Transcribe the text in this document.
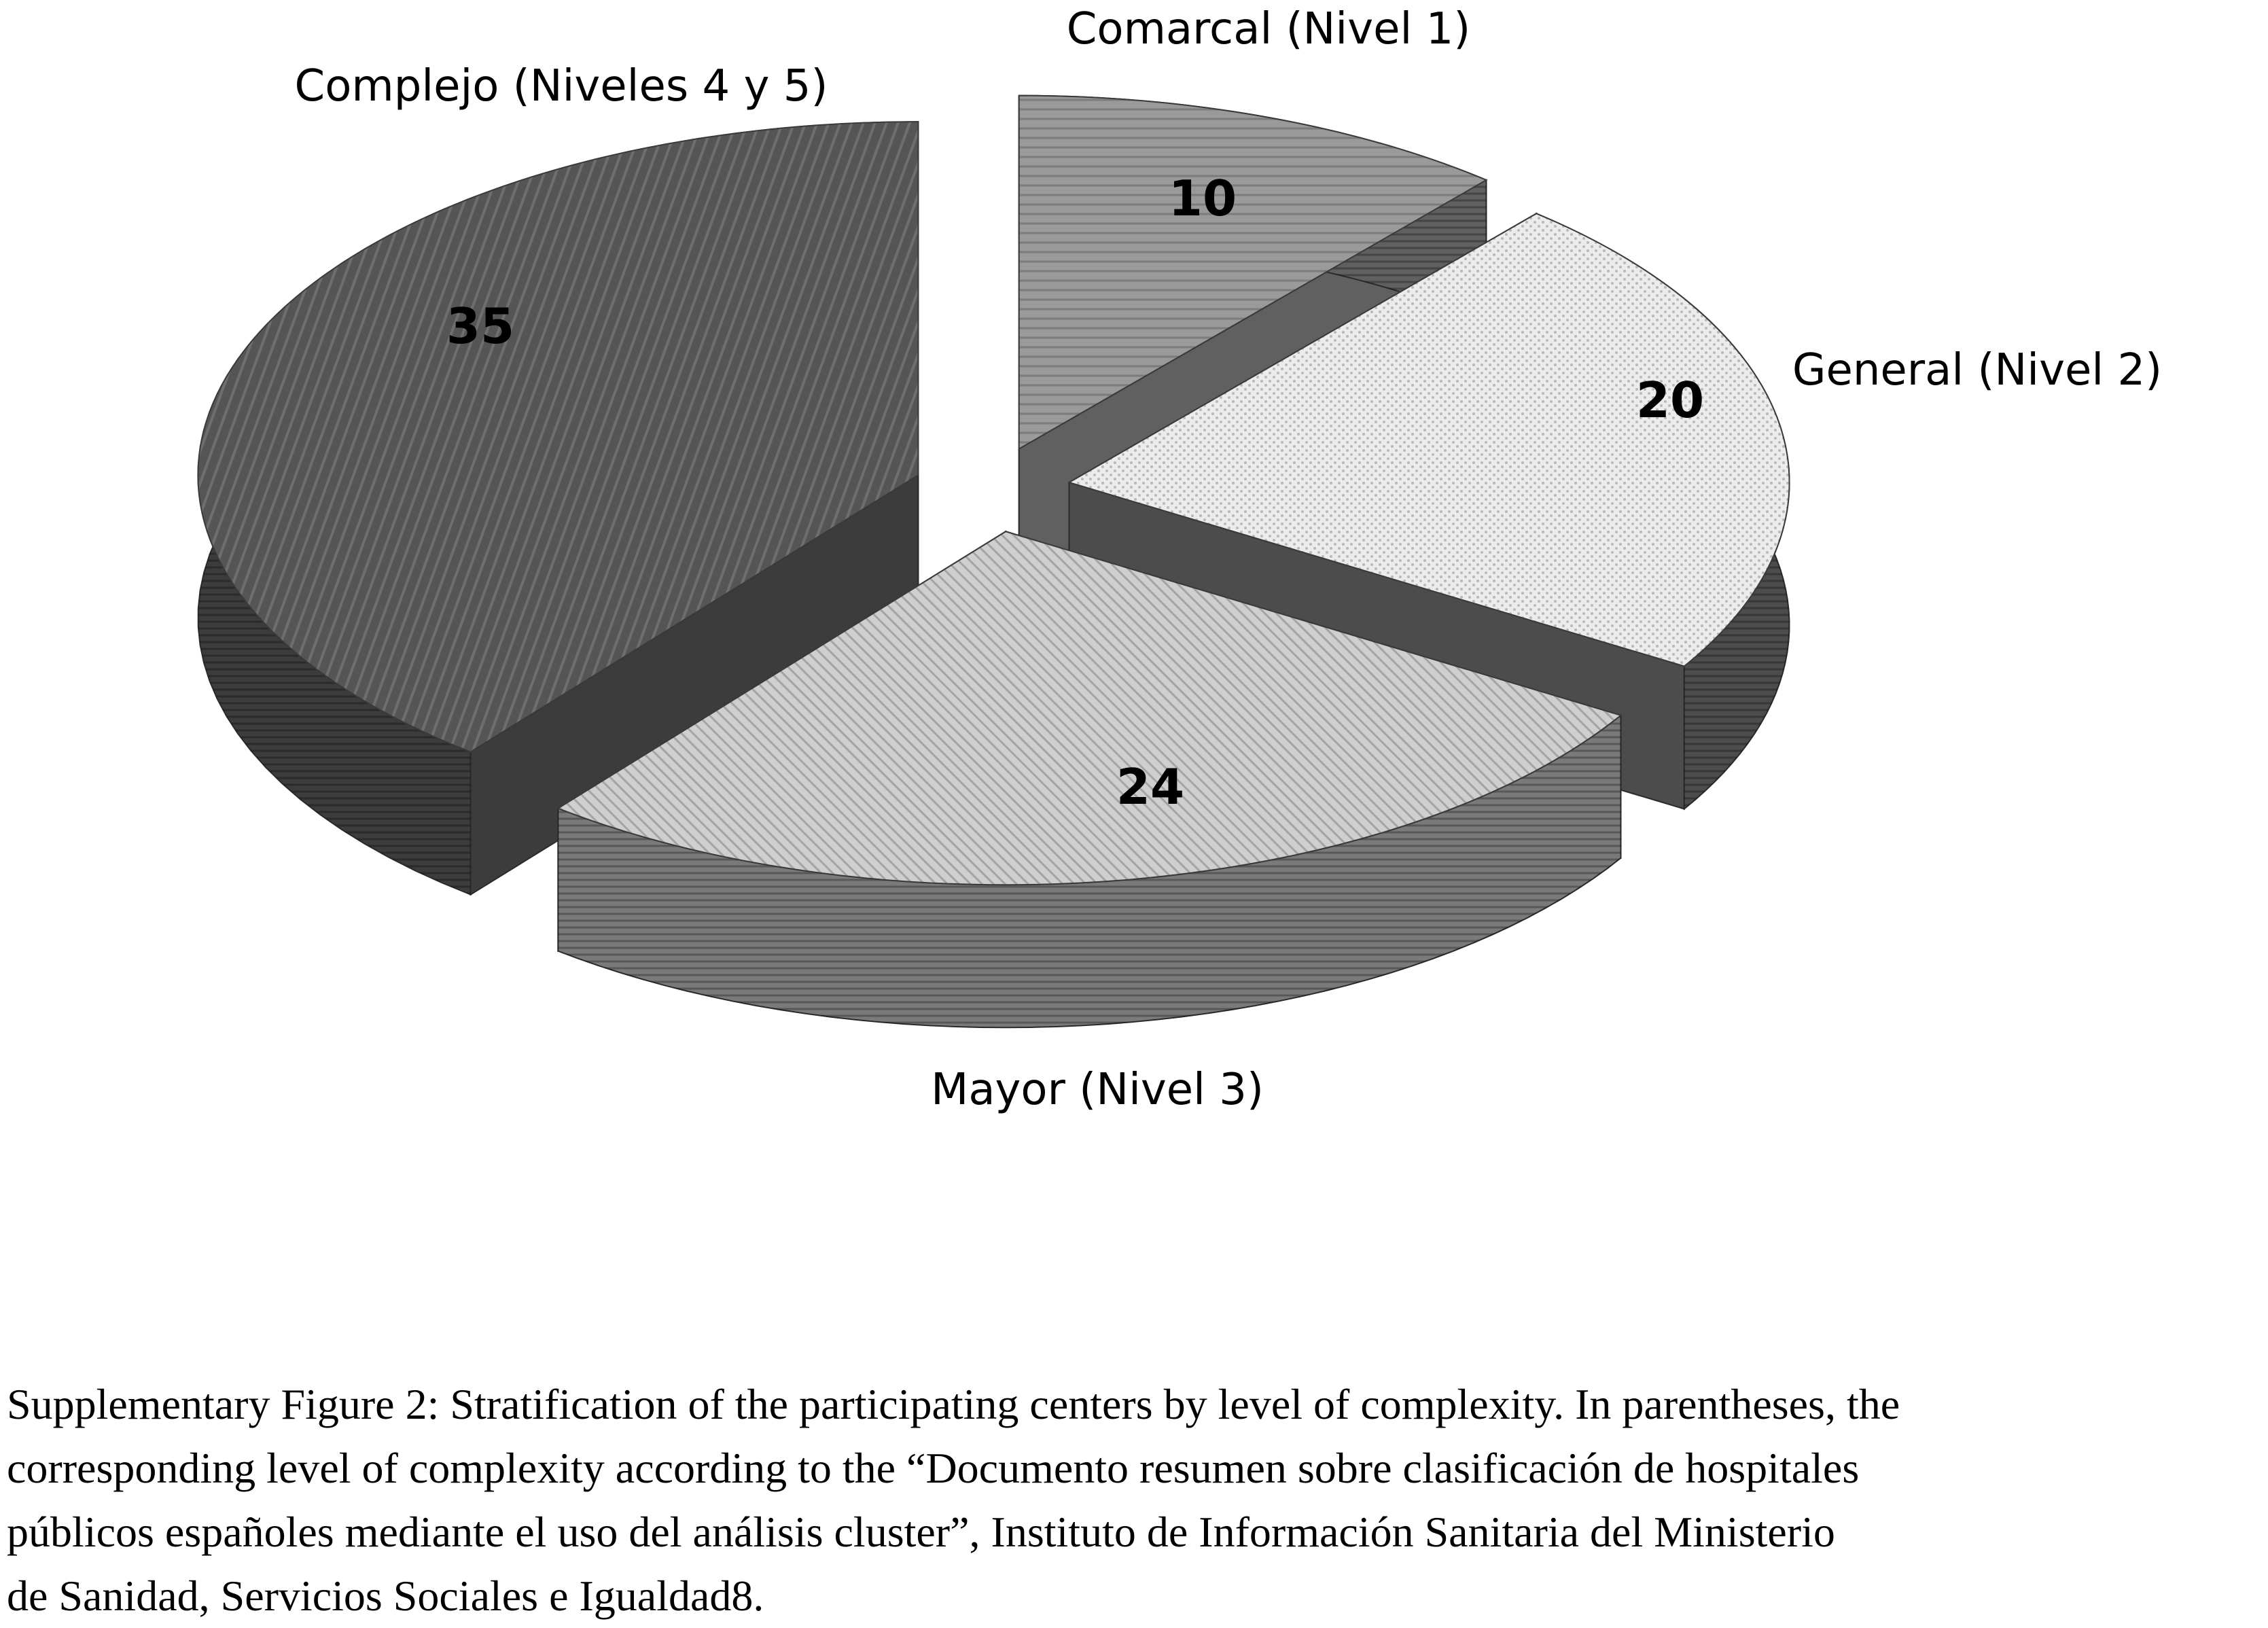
Comarcal (Nivel 1)
General (Nivel 2)
Mayor (Nivel 3)
Complejo (Niveles 4 y 5)
10
20
24
35
Supplementary Figure 2: Stratification of the participating centers by level of complexity. In parentheses, the
corresponding level of complexity according to the “Documento resumen sobre clasificación de hospitales
públicos españoles mediante el uso del análisis cluster”, Instituto de Información Sanitaria del Ministerio
de Sanidad, Servicios Sociales e Igualdad8.
